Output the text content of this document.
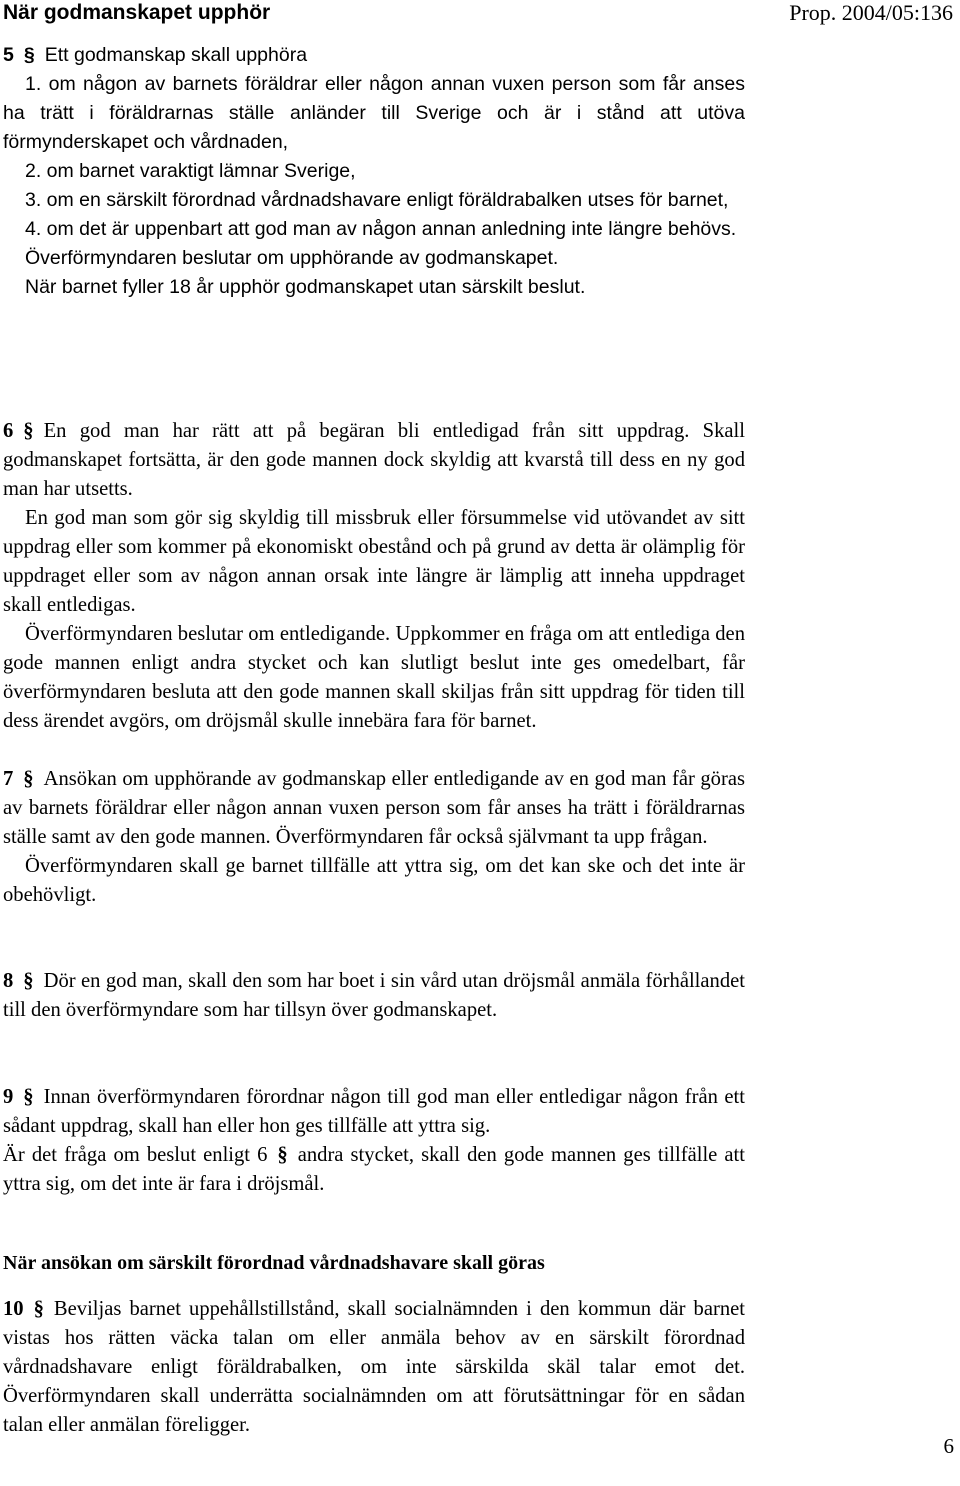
När godmanskapet upphör	Prop. 2004/05:136

5 § Ett godmanskap skall upphöra

1. om någon av barnets föräldrar eller någon annan vuxen person som får anses ha trätt i föräldrarnas ställe anländer till Sverige och är i stånd att utöva förmynderskapet och vårdnaden,

2. om barnet varaktigt lämnar Sverige,

3. om en särskilt förordnad vårdnadshavare enligt föräldrabalken utses för barnet,

4. om det är uppenbart att god man av någon annan anledning inte längre behövs.

Överförmyndaren beslutar om upphörande av godmanskapet.

När barnet fyller 18 år upphör godmanskapet utan särskilt beslut.

6 § En god man har rätt att på begäran bli entledigad från sitt uppdrag. Skall godmanskapet fortsätta, är den gode mannen dock skyldig att kvarstå till dess en ny god man har utsetts.

En god man som gör sig skyldig till missbruk eller försummelse vid utövandet av sitt uppdrag eller som kommer på ekonomiskt obestånd och på grund av detta är olämplig för uppdraget eller som av någon annan orsak inte längre är lämplig att inneha uppdraget skall entledigas.

Överförmyndaren beslutar om entledigande. Uppkommer en fråga om att entlediga den gode mannen enligt andra stycket och kan slutligt beslut inte ges omedelbart, får överförmyndaren besluta att den gode mannen skall skiljas från sitt uppdrag för tiden till dess ärendet avgörs, om dröjsmål skulle innebära fara för barnet.

7 § Ansökan om upphörande av godmanskap eller entledigande av en god man får göras av barnets föräldrar eller någon annan vuxen person som får anses ha trätt i föräldrarnas ställe samt av den gode mannen. Överförmyndaren får också självmant ta upp frågan.

Överförmyndaren skall ge barnet tillfälle att yttra sig, om det kan ske och det inte är obehövligt.

8 § Dör en god man, skall den som har boet i sin vård utan dröjsmål anmäla förhållandet till den överförmyndare som har tillsyn över godmanskapet.

9 § Innan överförmyndaren förordnar någon till god man eller entledigar någon från ett sådant uppdrag, skall han eller hon ges tillfälle att yttra sig.

Är det fråga om beslut enligt 6 § andra stycket, skall den gode mannen ges tillfälle att yttra sig, om det inte är fara i dröjsmål.

När ansökan om särskilt förordnad vårdnadshavare skall göras

10 § Beviljas barnet uppehållstillstånd, skall socialnämnden i den kommun där barnet vistas hos rätten väcka talan om eller anmäla behov av en särskilt förordnad vårdnadshavare enligt föräldrabalken, om inte särskilda skäl talar emot det. Överförmyndaren skall underrätta socialnämnden om att förutsättningar för en sådan talan eller anmälan föreligger.

6
